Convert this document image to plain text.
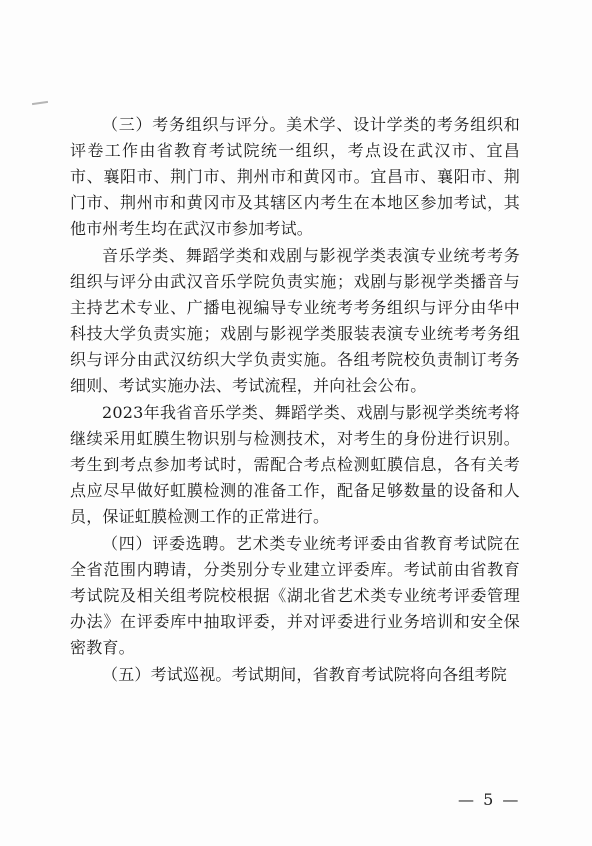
（三）考务组织与评分。美术学、设计学类的考务组织和评卷工作由省教育考试院统一组织，考点设在武汉市、宜昌市、襄阳市、荆门市、荆州市和黄冈市。宜昌市、襄阳市、荆门市、荆州市和黄冈市及其辖区内考生在本地区参加考试，其他市州考生均在武汉市参加考试。

音乐学类、舞蹈学类和戏剧与影视学类表演专业统考考务组织与评分由武汉音乐学院负责实施；戏剧与影视学类播音与主持艺术专业、广播电视编导专业统考考务组织与评分由华中科技大学负责实施；戏剧与影视学类服装表演专业统考考务组织与评分由武汉纺织大学负责实施。各组考院校负责制订考务细则、考试实施办法、考试流程，并向社会公布。

2023年我省音乐学类、舞蹈学类、戏剧与影视学类统考将继续采用虹膜生物识别与检测技术，对考生的身份进行识别。考生到考点参加考试时，需配合考点检测虹膜信息，各有关考点应尽早做好虹膜检测的准备工作，配备足够数量的设备和人员，保证虹膜检测工作的正常进行。

（四）评委选聘。艺术类专业统考评委由省教育考试院在全省范围内聘请，分类别分专业建立评委库。考试前由省教育考试院及相关组考院校根据《湖北省艺术类专业统考评委管理办法》在评委库中抽取评委，并对评委进行业务培训和安全保密教育。

（五）考试巡视。考试期间，省教育考试院将向各组考院

— 5 —
